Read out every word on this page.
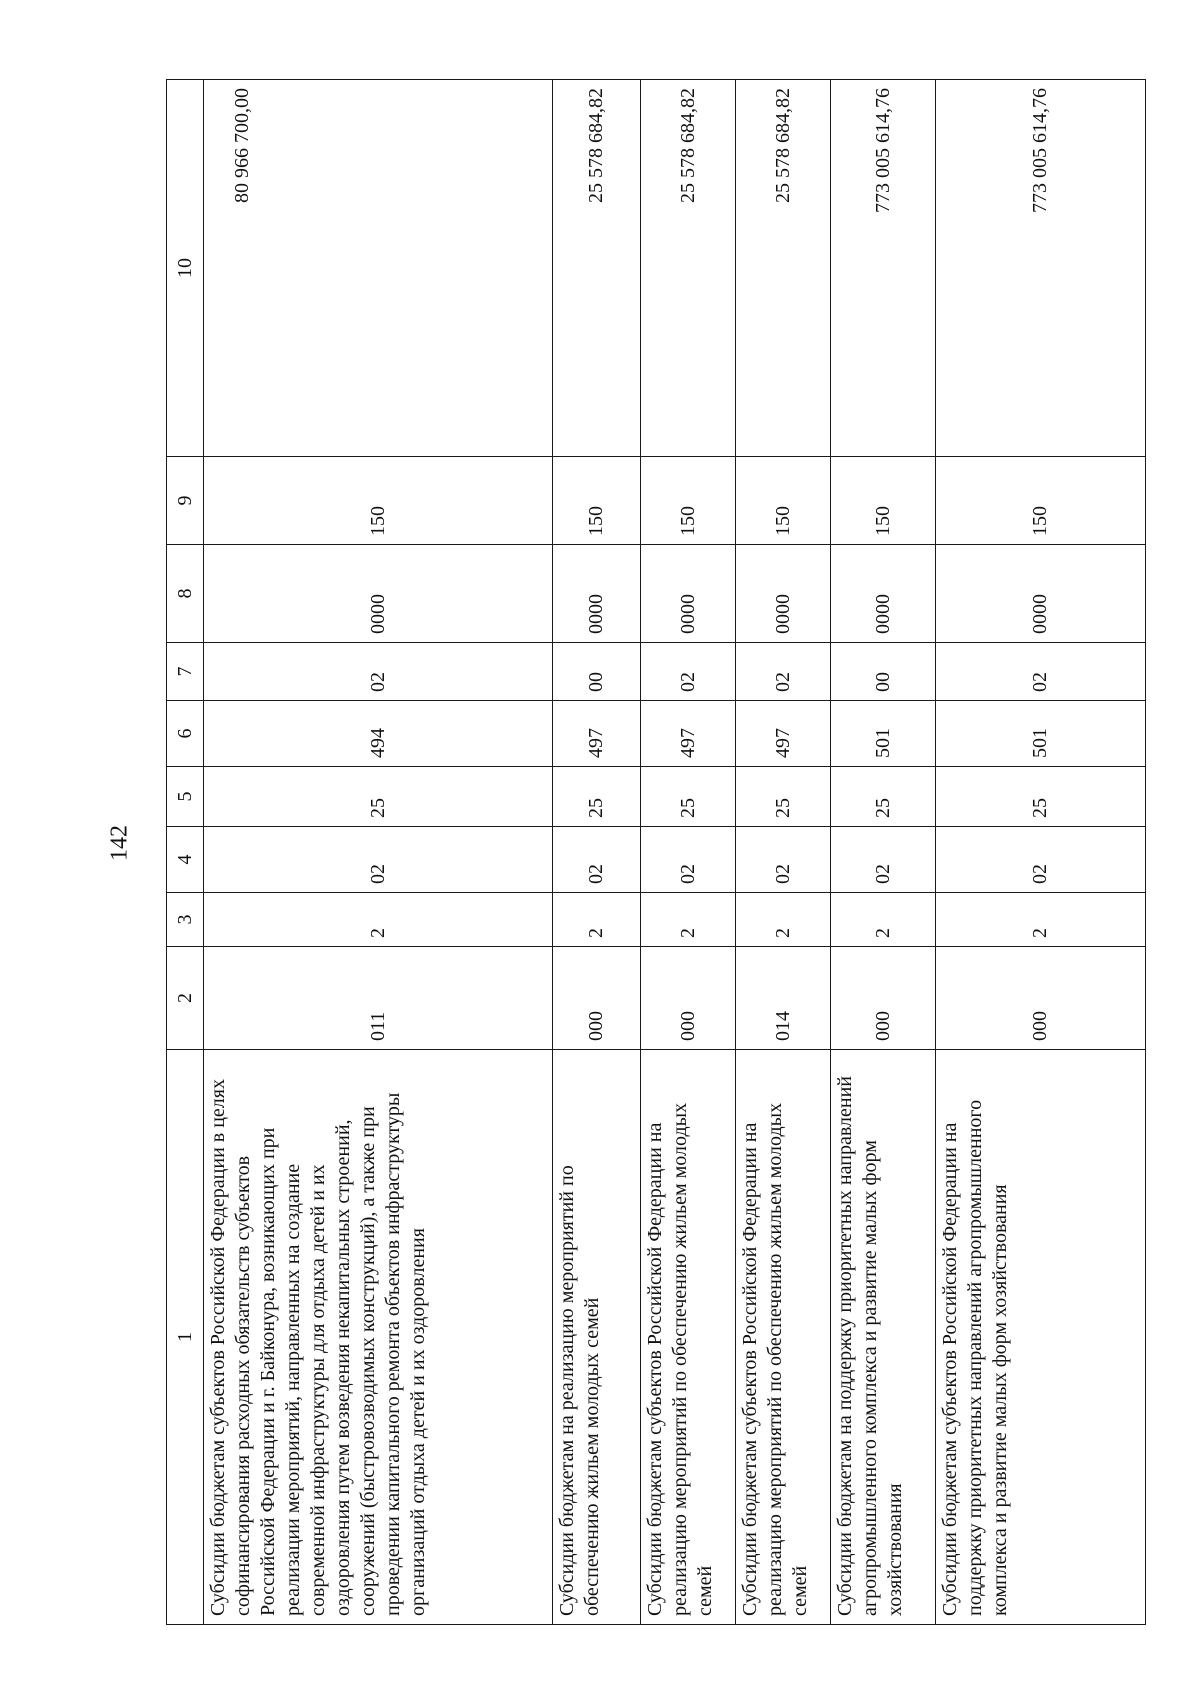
142
1	2	3	4	5	6	7	8	9	10
Субсидии бюджетам субъектов Российской Федерации в целях софинансирования расходных обязательств субъектов Российской Федерации и г. Байконура, возникающих при реализации мероприятий, направленных на создание современной инфраструктуры для отдыха детей и их оздоровления путем возведения некапитальных строений, сооружений (быстровозводимых конструкций), а также при проведении капитального ремонта объектов инфраструктуры организаций отдыха детей и их оздоровления	011	2	02	25	494	02	0000	150	80 966 700,00
Субсидии бюджетам на реализацию мероприятий по обеспечению жильем молодых семей	000	2	02	25	497	00	0000	150	25 578 684,82
Субсидии бюджетам субъектов Российской Федерации на реализацию мероприятий по обеспечению жильем молодых семей	000	2	02	25	497	02	0000	150	25 578 684,82
Субсидии бюджетам субъектов Российской Федерации на реализацию мероприятий по обеспечению жильем молодых семей	014	2	02	25	497	02	0000	150	25 578 684,82
Субсидии бюджетам на поддержку приоритетных направлений агропромышленного комплекса и развитие малых форм хозяйствования	000	2	02	25	501	00	0000	150	773 005 614,76
Субсидии бюджетам субъектов Российской Федерации на поддержку приоритетных направлений агропромышленного комплекса и развитие малых форм хозяйствования	000	2	02	25	501	02	0000	150	773 005 614,76
